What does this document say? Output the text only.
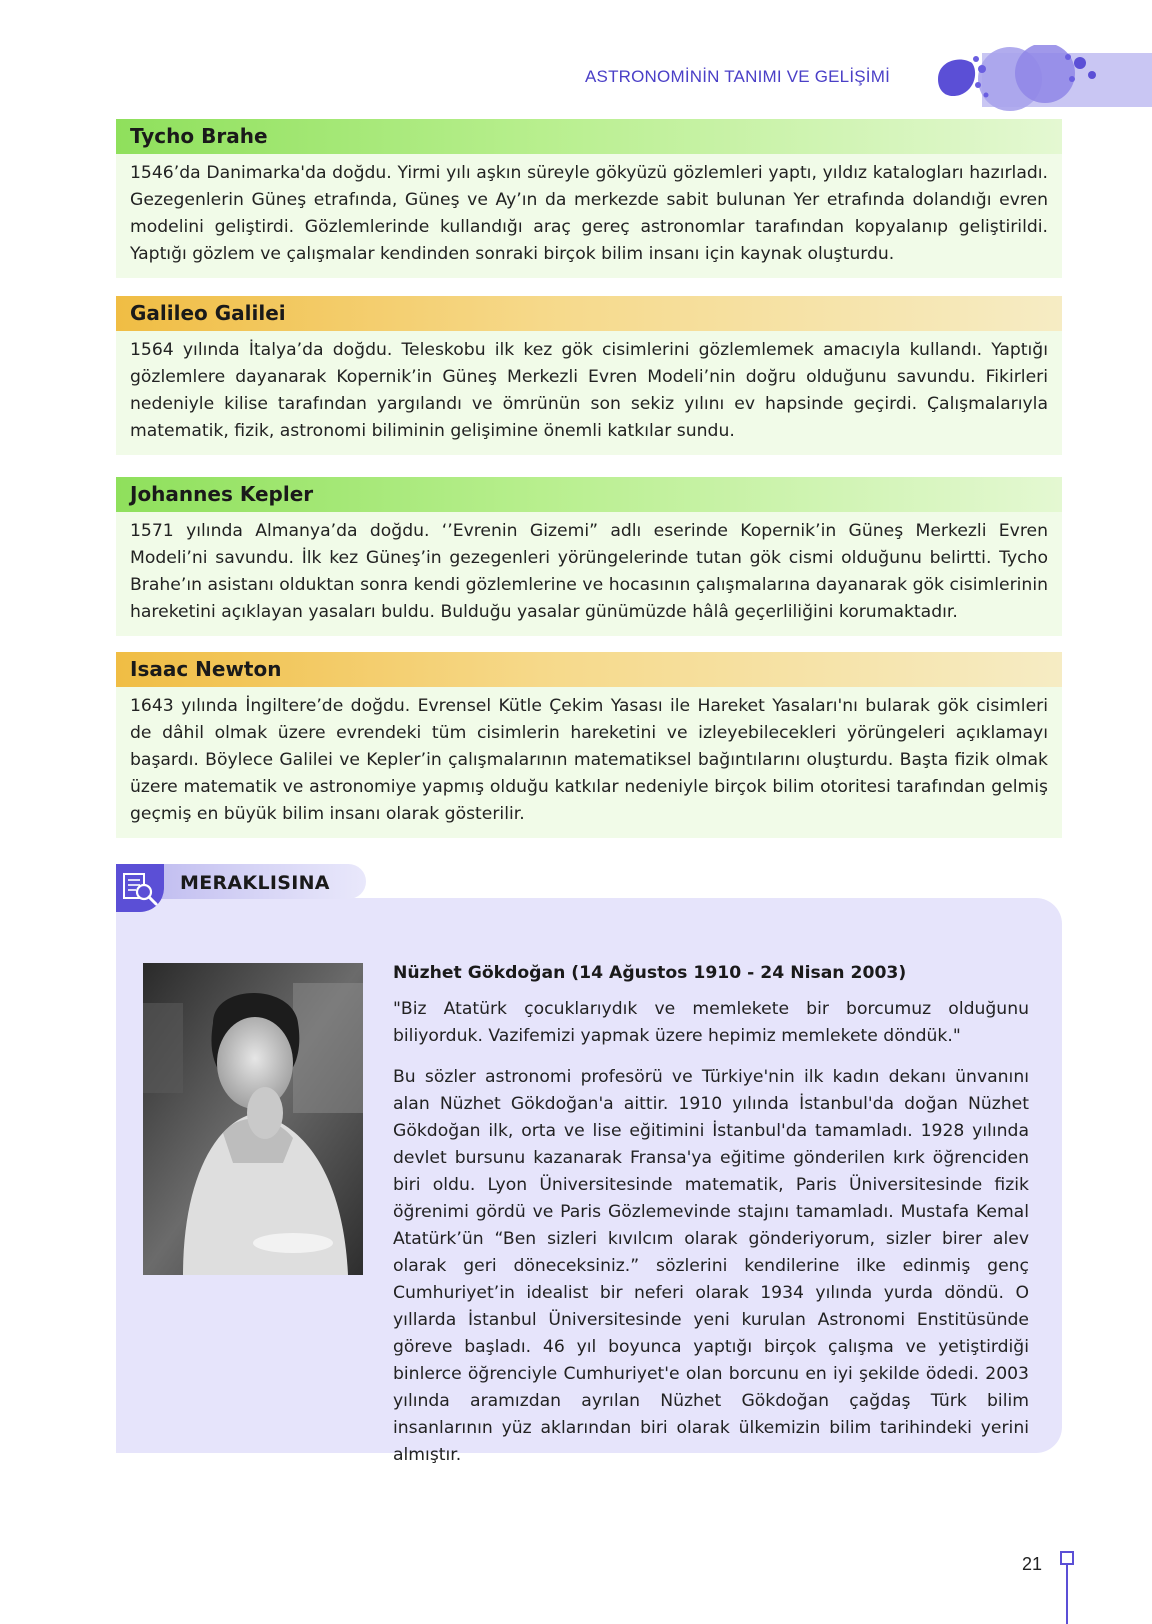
ASTRONOMİNİN TANIMI VE GELİŞİMİ
Tycho Brahe
1546’da Danimarka'da doğdu. Yirmi yılı aşkın süreyle gökyüzü gözlemleri yaptı, yıldız katalogları hazırladı. Gezegenlerin Güneş etrafında, Güneş ve Ay’ın da merkezde sabit bulunan Yer etrafında dolandığı evren modelini geliştirdi. Gözlemlerinde kullandığı araç gereç astronomlar tarafından kopyalanıp geliştirildi. Yaptığı gözlem ve çalışmalar kendinden sonraki birçok bilim insanı için kaynak oluşturdu.
Galileo Galilei
1564 yılında İtalya’da doğdu. Teleskobu ilk kez gök cisimlerini gözlemlemek amacıyla kullandı. Yaptığı gözlemlere dayanarak Kopernik’in Güneş Merkezli Evren Modeli’nin doğru olduğunu savundu. Fikirleri nedeniyle kilise tarafından yargılandı ve ömrünün son sekiz yılını ev hapsinde geçirdi. Çalışmalarıyla matematik, fizik, astronomi biliminin gelişimine önemli katkılar sundu.
Johannes Kepler
1571 yılında Almanya’da doğdu. ‘’Evrenin Gizemi” adlı eserinde Kopernik’in Güneş Merkezli Evren Modeli’ni savundu. İlk kez Güneş’in gezegenleri yörüngelerinde tutan gök cismi olduğunu belirtti. Tycho Brahe’ın asistanı olduktan sonra kendi gözlemlerine ve hocasının çalışmalarına dayanarak gök cisimlerinin hareketini açıklayan yasaları buldu. Bulduğu yasalar günümüzde hâlâ geçerliliğini korumaktadır.
Isaac Newton
1643 yılında İngiltere’de doğdu. Evrensel Kütle Çekim Yasası ile Hareket Yasaları'nı bularak gök cisimleri de dâhil olmak üzere evrendeki tüm cisimlerin hareketini ve izleyebilecekleri yörüngeleri açıklamayı başardı. Böylece Galilei ve Kepler’in çalışmalarının matematiksel bağıntılarını oluşturdu. Başta fizik olmak üzere matematik ve astronomiye yapmış olduğu katkılar nedeniyle birçok bilim otoritesi tarafından gelmiş geçmiş en büyük bilim insanı olarak gösterilir.
MERAKLISINA
Nüzhet Gökdoğan (14 Ağustos 1910 - 24 Nisan 2003)
"Biz Atatürk çocuklarıydık ve memlekete bir borcumuz olduğunu biliyorduk. Vazifemizi yapmak üzere hepimiz memlekete döndük."
Bu sözler astronomi profesörü ve Türkiye'nin ilk kadın dekanı ünvanını alan Nüzhet Gökdoğan'a aittir. 1910 yılında İstanbul'da doğan Nüzhet Gökdoğan ilk, orta ve lise eğitimini İstanbul'da tamamladı. 1928 yılında devlet bursunu kazanarak Fransa'ya eğitime gönderilen kırk öğrenciden biri oldu. Lyon Üniversitesinde matematik, Paris Üniversitesinde fizik öğrenimi gördü ve Paris Gözlemevinde stajını tamamladı. Mustafa Kemal Atatürk’ün “Ben sizleri kıvılcım olarak gönderiyorum, sizler birer alev olarak geri döneceksiniz.” sözlerini kendilerine ilke edinmiş genç Cumhuriyet’in idealist bir neferi olarak 1934 yılında yurda döndü. O yıllarda İstanbul Üniversitesinde yeni kurulan Astronomi Enstitüsünde göreve başladı. 46 yıl boyunca yaptığı birçok çalışma ve yetiştirdiği binlerce öğrenciyle Cumhuriyet'e olan borcunu en iyi şekilde ödedi. 2003 yılında aramızdan ayrılan Nüzhet Gökdoğan çağdaş Türk bilim insanlarının yüz aklarından biri olarak ülkemizin bilim tarihindeki yerini almıştır.
21
